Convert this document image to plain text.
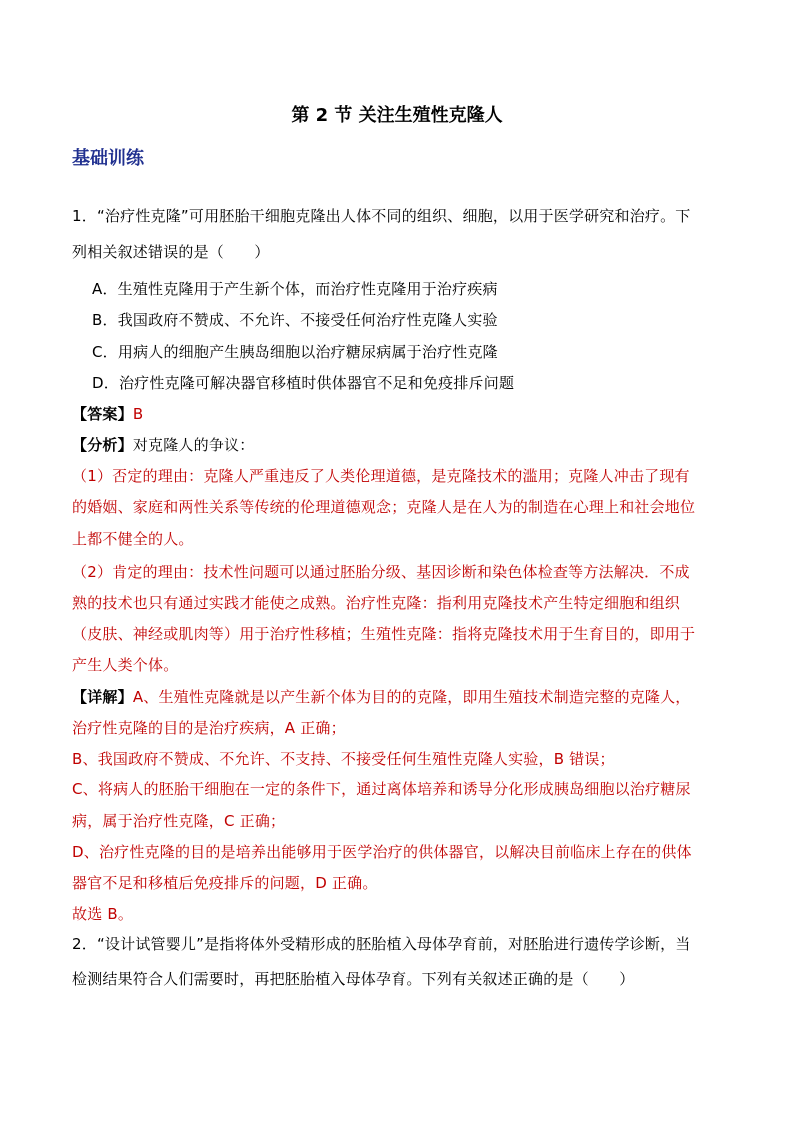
第 2 节 关注生殖性克隆人
基础训练
1．“治疗性克隆”可用胚胎干细胞克隆出人体不同的组织、细胞，以用于医学研究和治疗。下
列相关叙述错误的是（　　）
A．生殖性克隆用于产生新个体，而治疗性克隆用于治疗疾病
B．我国政府不赞成、不允许、不接受任何治疗性克隆人实验
C．用病人的细胞产生胰岛细胞以治疗糖尿病属于治疗性克隆
D．治疗性克隆可解决器官移植时供体器官不足和免疫排斥问题
【答案】B
【分析】对克隆人的争议：
（1）否定的理由：克隆人严重违反了人类伦理道德，是克隆技术的滥用；克隆人冲击了现有
的婚姻、家庭和两性关系等传统的伦理道德观念；克隆人是在人为的制造在心理上和社会地位
上都不健全的人。
（2）肯定的理由：技术性问题可以通过胚胎分级、基因诊断和染色体检查等方法解决．不成
熟的技术也只有通过实践才能使之成熟。治疗性克隆：指利用克隆技术产生特定细胞和组织
（皮肤、神经或肌肉等）用于治疗性移植；生殖性克隆：指将克隆技术用于生育目的，即用于
产生人类个体。
【详解】A、生殖性克隆就是以产生新个体为目的的克隆，即用生殖技术制造完整的克隆人，
治疗性克隆的目的是治疗疾病，A 正确；
B、我国政府不赞成、不允许、不支持、不接受任何生殖性克隆人实验，B 错误；
C、将病人的胚胎干细胞在一定的条件下，通过离体培养和诱导分化形成胰岛细胞以治疗糖尿
病，属于治疗性克隆，C 正确；
D、治疗性克隆的目的是培养出能够用于医学治疗的供体器官，以解决目前临床上存在的供体
器官不足和移植后免疫排斥的问题，D 正确。
故选 B。
2．“设计试管婴儿”是指将体外受精形成的胚胎植入母体孕育前，对胚胎进行遗传学诊断，当
检测结果符合人们需要时，再把胚胎植入母体孕育。下列有关叙述正确的是（　　）
